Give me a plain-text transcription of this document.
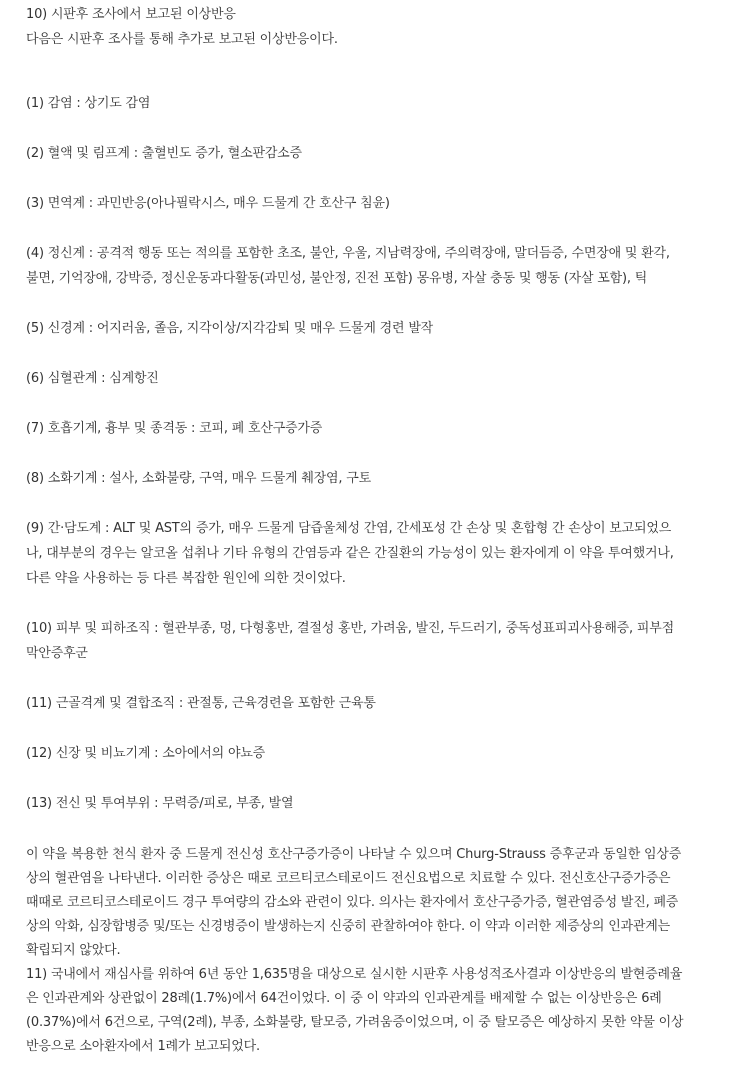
10) 시판후 조사에서 보고된 이상반응
다음은 시판후 조사를 통해 추가로 보고된 이상반응이다.
(1) 감염 : 상기도 감염
(2) 혈액 및 림프계 : 출혈빈도 증가, 혈소판감소증
(3) 면역계 : 과민반응(아나필락시스, 매우 드물게 간 호산구 침윤)
(4) 정신계 : 공격적 행동 또는 적의를 포함한 초조, 불안, 우울, 지남력장애, 주의력장애, 말더듬증, 수면장애 및 환각,
불면, 기억장애, 강박증, 정신운동과다활동(과민성, 불안정, 진전 포함) 몽유병, 자살 충동 및 행동 (자살 포함), 틱
(5) 신경계 : 어지러움, 졸음, 지각이상/지각감퇴 및 매우 드물게 경련 발작
(6) 심혈관계 : 심계항진
(7) 호흡기계, 흉부 및 종격동 : 코피, 폐 호산구증가증
(8) 소화기계 : 설사, 소화불량, 구역, 매우 드물게 췌장염, 구토
(9) 간·담도계 : ALT 및 AST의 증가, 매우 드물게 담즙울체성 간염, 간세포성 간 손상 및 혼합형 간 손상이 보고되었으
나, 대부분의 경우는 알코올 섭취나 기타 유형의 간염등과 같은 간질환의 가능성이 있는 환자에게 이 약을 투여했거나,
다른 약을 사용하는 등 다른 복잡한 원인에 의한 것이었다.
(10) 피부 및 피하조직 : 혈관부종, 멍, 다형홍반, 결절성 홍반, 가려움, 발진, 두드러기, 중독성표피괴사용해증, 피부점
막안증후군
(11) 근골격계 및 결합조직 : 관절통, 근육경련을 포함한 근육통
(12) 신장 및 비뇨기계 : 소아에서의 야뇨증
(13) 전신 및 투여부위 : 무력증/피로, 부종, 발열
이 약을 복용한 천식 환자 중 드물게 전신성 호산구증가증이 나타날 수 있으며 Churg-Strauss 증후군과 동일한 임상증
상의 혈관염을 나타낸다. 이러한 증상은 때로 코르티코스테로이드 전신요법으로 치료할 수 있다. 전신호산구증가증은
때때로 코르티코스테로이드 경구 투여량의 감소와 관련이 있다. 의사는 환자에서 호산구증가증, 혈관염증성 발진, 폐증
상의 악화, 심장합병증 및/또는 신경병증이 발생하는지 신중히 관찰하여야 한다. 이 약과 이러한 제증상의 인과관계는
확립되지 않았다.
11) 국내에서 재심사를 위하여 6년 동안 1,635명을 대상으로 실시한 시판후 사용성적조사결과 이상반응의 발현증례율
은 인과관계와 상관없이 28례(1.7%)에서 64건이었다. 이 중 이 약과의 인과관계를 배제할 수 없는 이상반응은 6례
(0.37%)에서 6건으로, 구역(2례), 부종, 소화불량, 탈모증, 가려움증이었으며, 이 중 탈모증은 예상하지 못한 약물 이상
반응으로 소아환자에서 1례가 보고되었다.
